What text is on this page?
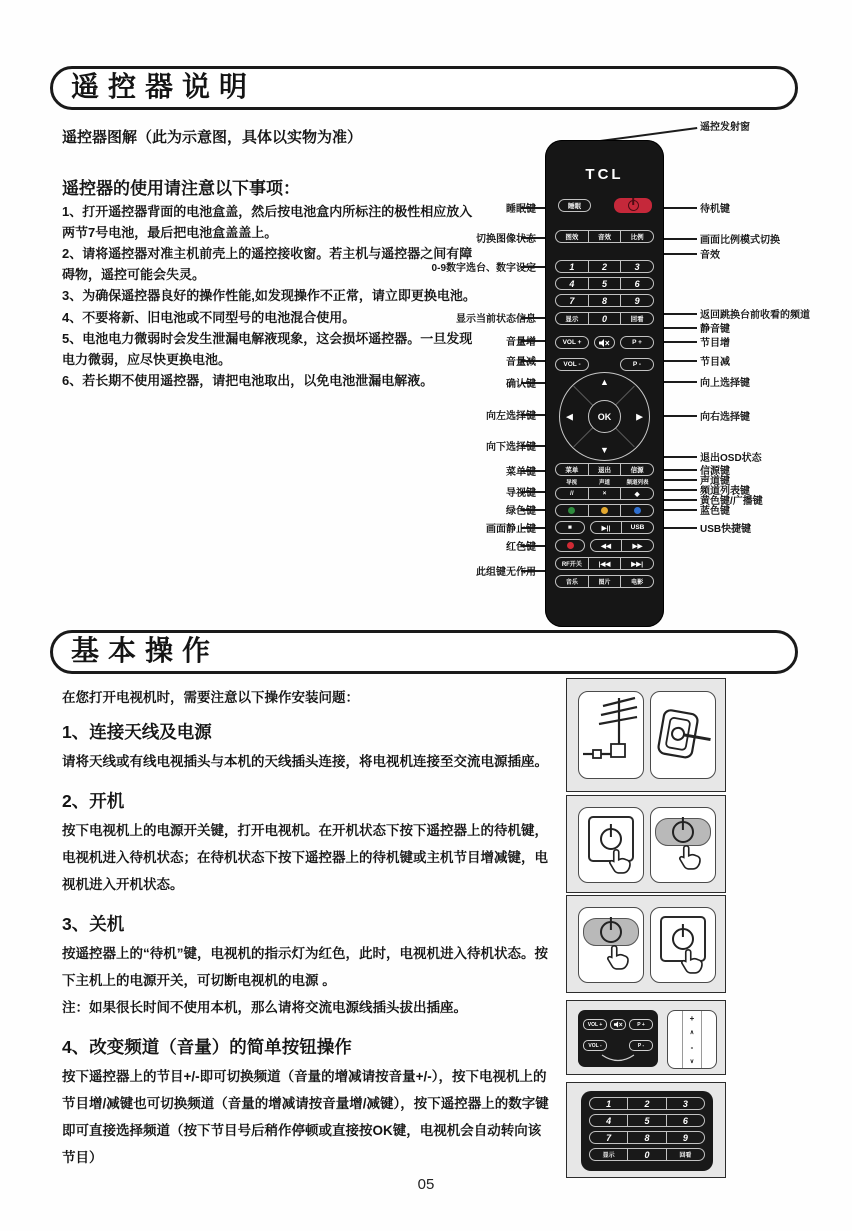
遥控器说明
遥控器图解（此为示意图，具体以实物为准）
遥控器的使用请注意以下事项：
1、打开遥控器背面的电池盒盖，然后按电池盒内所标注的极性相应放入两节7号电池，最后把电池盒盖盖上。
2、请将遥控器对准主机前壳上的遥控接收窗。若主机与遥控器之间有障碍物，遥控可能会失灵。
3、为确保遥控器良好的操作性能,如发现操作不正常，请立即更换电池。
4、不要将新、旧电池或不同型号的电池混合使用。
5、电池电力微弱时会发生泄漏电解液现象，这会损坏遥控器。一旦发现电力微弱，应尽快更换电池。
6、若长期不使用遥控器，请把电池取出，以免电池泄漏电解液。
睡眠键
切换图像状态
0-9数字选台、数字设定
显示当前状态信息
音量增
音量减
确认键
向左选择键
向下选择键
菜单键
导视键
绿色键
画面静止键
红色键
此组键无作用
遥控发射窗
待机键
画面比例模式切换
音效
返回跳换台前收看的频道
静音键
节目增
节目减
向上选择键
向右选择键
退出OSD状态
信源键
声道键
频道列表键
黄色键/广播键
蓝色键
USB快捷键
TCL
睡眠
图效	音效	比例
1	2	3
4	5	6
7	8	9
显示	0	回看
VOL +	P +
VOL -	P -
▲
▼
◀	▶
OK
菜单	退出	信源
导视	声道	频道列表
//	×	◆
■	▶||	USB
◀◀	▶▶
RF开关	|◀◀	▶▶|
音乐	图片	电影
基本操作
在您打开电视机时，需要注意以下操作安装问题：
1、连接天线及电源
请将天线或有线电视插头与本机的天线插头连接，将电视机连接至交流电源插座。
2、开机
按下电视机上的电源开关键，打开电视机。在开机状态下按下遥控器上的待机键，电视机进入待机状态；在待机状态下按下遥控器上的待机键或主机节目增减键，电视机进入开机状态。
3、关机
按遥控器上的“待机”键，电视机的指示灯为红色，此时，电视机进入待机状态。按下主机上的电源开关，可切断电视机的电源 。
注：如果很长时间不使用本机，那么请将交流电源线插头拔出插座。
4、改变频道（音量）的简单按钮操作
按下遥控器上的节目+/-即可切换频道（音量的增减请按音量+/-），按下电视机上的节目增/减键也可切换频道（音量的增减请按音量增/减键），按下遥控器上的数字键即可直接选择频道（按下节目号后稍作停顿或直接按OK键，电视机会自动转向该节目）
VOL +	P +
VOL -	P -
+
∧
-
∨
1	2	3
4	5	6
7	8	9
显示	0	回看
05
